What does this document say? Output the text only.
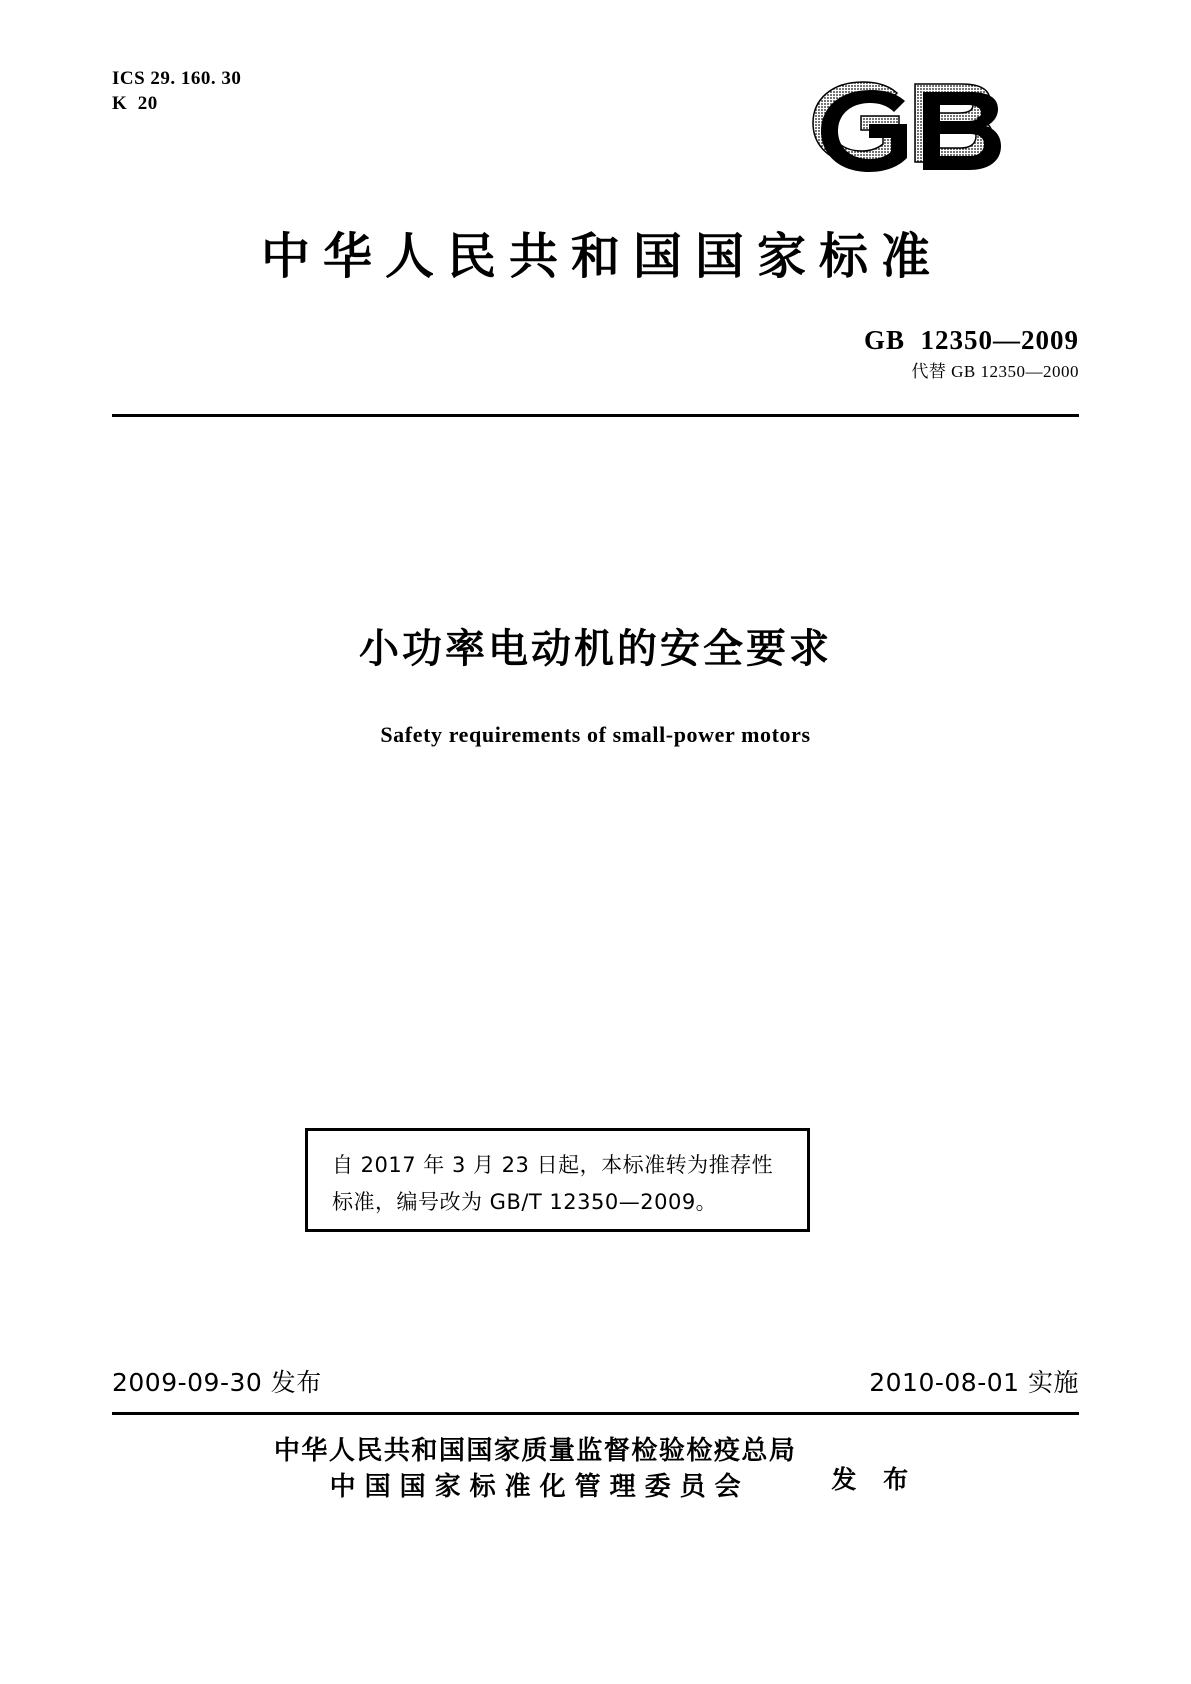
ICS 29. 160. 30
K  20
中华人民共和国国家标准
GB  12350—2009
代替 GB 12350—2000
小功率电动机的安全要求
Safety requirements of small-power motors
自 2017 年 3 月 23 日起，本标准转为推荐性
标准，编号改为 GB/T 12350—2009。
2009-09-30 发布	2010-08-01 实施
中华人民共和国国家质量监督检验检疫总局
中国国家标准化管理委员会	发 布
